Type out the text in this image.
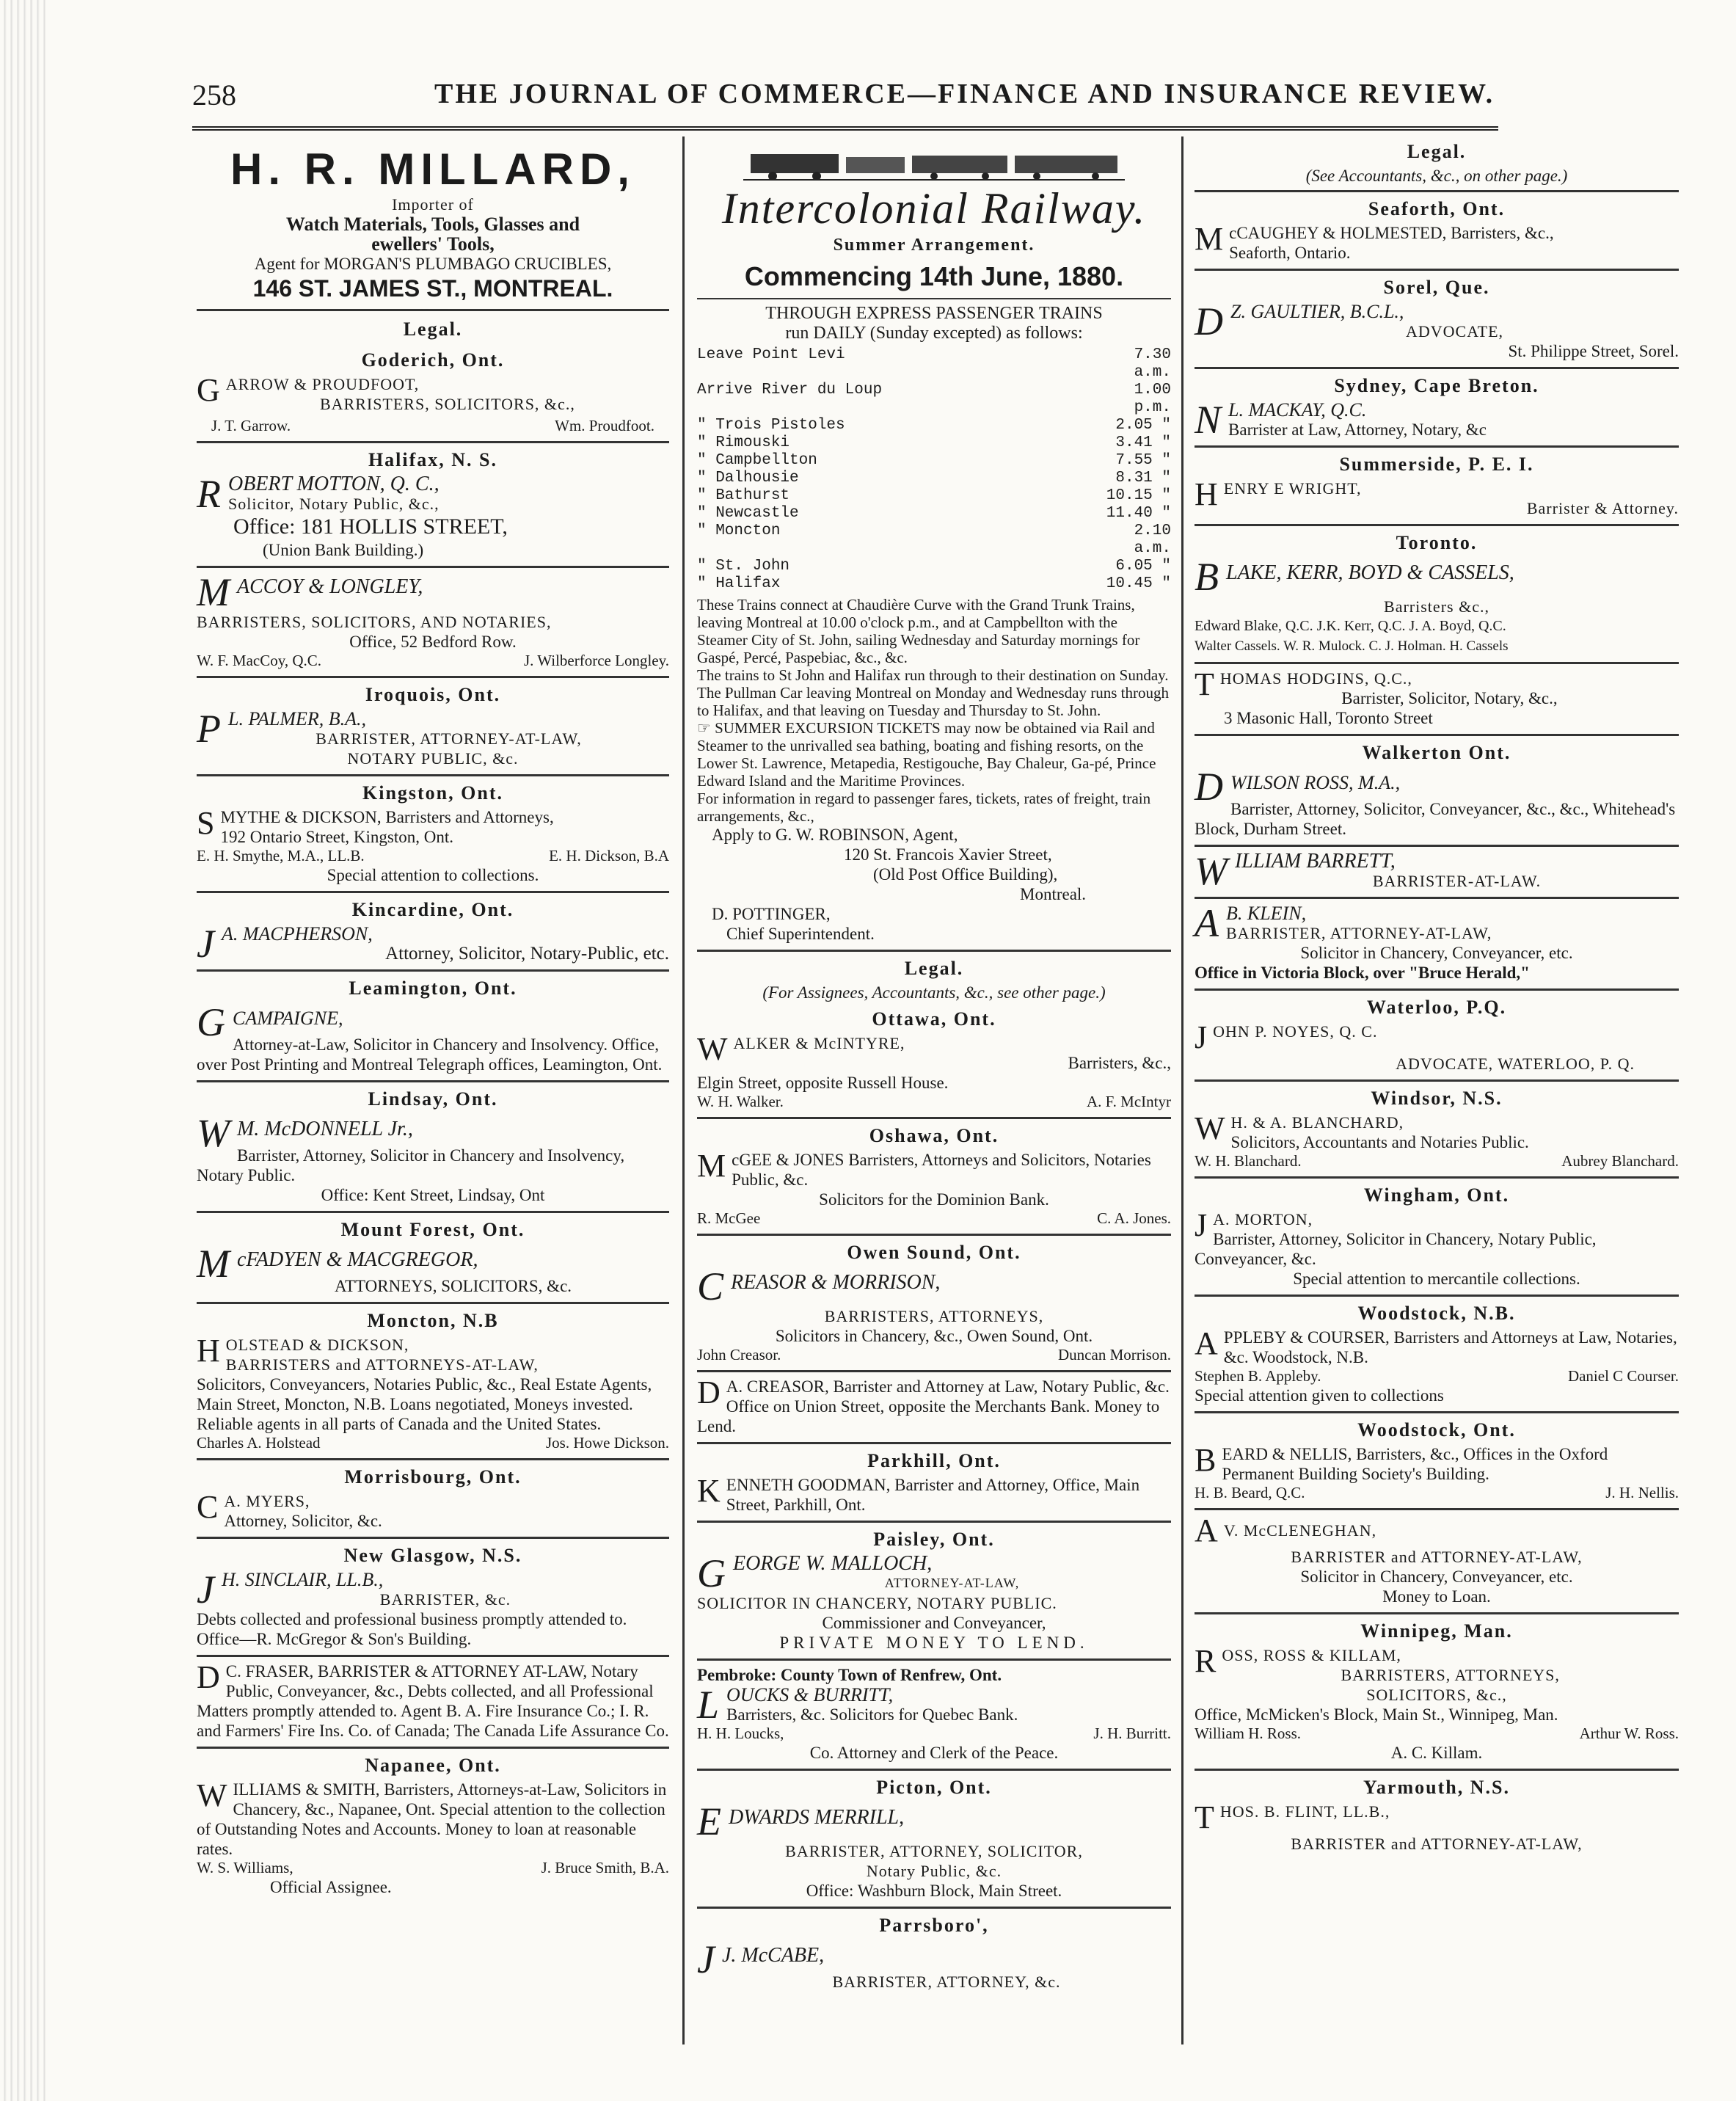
258	THE JOURNAL OF COMMERCE—FINANCE AND INSURANCE REVIEW.
H. R. MILLARD,
Importer of
Watch Materials, Tools, Glasses and
ewellers' Tools,
Agent for MORGAN'S PLUMBAGO CRUCIBLES,
146 ST. JAMES ST., MONTREAL.
Legal.
Goderich, Ont.
G ARROW & PROUDFOOT,
BARRISTERS, SOLICITORS, &c.,
J. T. Garrow.	Wm. Proudfoot.
Halifax, N. S.
R OBERT MOTTON, Q. C.,
Solicitor, Notary Public, &c.,
Office: 181 HOLLIS STREET,
(Union Bank Building.)
M ACCOY & LONGLEY,
BARRISTERS, SOLICITORS, AND NOTARIES,
Office, 52 Bedford Row.
W. F. MacCoy, Q.C.	J. Wilberforce Longley.
Iroquois, Ont.
P L. PALMER, B.A.,
BARRISTER, ATTORNEY-AT-LAW,
NOTARY PUBLIC, &c.
Kingston, Ont.
S MYTHE & DICKSON, Barristers and Attorneys,
192 Ontario Street, Kingston, Ont.
E. H. Smythe, M.A., LL.B.	E. H. Dickson, B.A
Special attention to collections.
Kincardine, Ont.
J A. MACPHERSON,
Attorney, Solicitor, Notary-Public, etc.
Leamington, Ont.
G CAMPAIGNE,
Attorney-at-Law, Solicitor in Chancery and Insolvency. Office, over Post Printing and Montreal Telegraph offices, Leamington, Ont.
Lindsay, Ont.
W M. McDONNELL Jr.,
Barrister, Attorney, Solicitor in Chancery and Insolvency, Notary Public.
Office: Kent Street, Lindsay, Ont
Mount Forest, Ont.
M cFADYEN & MACGREGOR,
ATTORNEYS, SOLICITORS, &c.
Moncton, N.B
H OLSTEAD & DICKSON,
BARRISTERS and ATTORNEYS-AT-LAW,
Solicitors, Conveyancers, Notaries Public, &c., Real Estate Agents, Main Street, Moncton, N.B. Loans negotiated, Moneys invested. Reliable agents in all parts of Canada and the United States.
Charles A. Holstead	Jos. Howe Dickson.
Morrisbourg, Ont.
C A. MYERS,
Attorney, Solicitor, &c.
New Glasgow, N.S.
J H. SINCLAIR, LL.B.,
BARRISTER, &c.
Debts collected and professional business promptly attended to. Office—R. McGregor & Son's Building.
D C. FRASER, BARRISTER & ATTORNEY AT-LAW, Notary Public, Conveyancer, &c., Debts collected, and all Professional Matters promptly attended to. Agent B. A. Fire Insurance Co.; I. R. and Farmers' Fire Ins. Co. of Canada; The Canada Life Assurance Co.
Napanee, Ont.
W ILLIAMS & SMITH, Barristers, Attorneys-at-Law, Solicitors in Chancery, &c., Napanee, Ont. Special attention to the collection of Outstanding Notes and Accounts. Money to loan at reasonable rates.
W. S. Williams,	J. Bruce Smith, B.A.
Official Assignee.
Intercolonial Railway.
Summer Arrangement.
Commencing 14th June, 1880.
THROUGH EXPRESS PASSENGER TRAINS
run DAILY (Sunday excepted) as follows:
Leave Point Levi	7.30 a.m.
Arrive River du Loup	1.00 p.m.
" Trois Pistoles	2.05 "
" Rimouski	3.41 "
" Campbellton	7.55 "
" Dalhousie	8.31 "
" Bathurst	10.15 "
" Newcastle	11.40 "
" Moncton	2.10 a.m.
" St. John	6.05 "
" Halifax	10.45 "
These Trains connect at Chaudière Curve with the Grand Trunk Trains, leaving Montreal at 10.00 o'clock p.m., and at Campbellton with the Steamer City of St. John, sailing Wednesday and Saturday mornings for Gaspé, Percé, Paspebiac, &c., &c.
The trains to St John and Halifax run through to their destination on Sunday.
The Pullman Car leaving Montreal on Monday and Wednesday runs through to Halifax, and that leaving on Tuesday and Thursday to St. John.
☞ SUMMER EXCURSION TICKETS may now be obtained via Rail and Steamer to the unrivalled sea bathing, boating and fishing resorts, on the Lower St. Lawrence, Metapedia, Restigouche, Bay Chaleur, Ga-pé, Prince Edward Island and the Maritime Provinces.
For information in regard to passenger fares, tickets, rates of freight, train arrangements, &c.,
Apply to G. W. ROBINSON, Agent,
120 St. Francois Xavier Street,
(Old Post Office Building),
Montreal.
D. POTTINGER,
Chief Superintendent.
Legal.
(For Assignees, Accountants, &c., see other page.)
Ottawa, Ont.
W ALKER & McINTYRE,
Barristers, &c.,
Elgin Street, opposite Russell House.
W. H. Walker.	A. F. McIntyr
Oshawa, Ont.
M cGEE & JONES Barristers, Attorneys and Solicitors, Notaries Public, &c.
Solicitors for the Dominion Bank.
R. McGee	C. A. Jones.
Owen Sound, Ont.
C REASOR & MORRISON,
BARRISTERS, ATTORNEYS,
Solicitors in Chancery, &c., Owen Sound, Ont.
John Creasor.	Duncan Morrison.
D A. CREASOR, Barrister and Attorney at Law, Notary Public, &c. Office on Union Street, opposite the Merchants Bank. Money to Lend.
Parkhill, Ont.
K ENNETH GOODMAN, Barrister and Attorney, Office, Main Street, Parkhill, Ont.
Paisley, Ont.
G EORGE W. MALLOCH,
ATTORNEY-AT-LAW,
SOLICITOR IN CHANCERY, NOTARY PUBLIC.
Commissioner and Conveyancer,
PRIVATE MONEY TO LEND.
Pembroke: County Town of Renfrew, Ont.
L OUCKS & BURRITT,
Barristers, &c. Solicitors for Quebec Bank.
H. H. Loucks,	J. H. Burritt.
Co. Attorney and Clerk of the Peace.
Picton, Ont.
E DWARDS MERRILL,
BARRISTER, ATTORNEY, SOLICITOR,
Notary Public, &c.
Office: Washburn Block, Main Street.
Parrsboro',
J J. McCABE,
BARRISTER, ATTORNEY, &c.
Legal.
(See Accountants, &c., on other page.)
Seaforth, Ont.
M cCAUGHEY & HOLMESTED, Barristers, &c.,
Seaforth, Ontario.
Sorel, Que.
D Z. GAULTIER, B.C.L.,
ADVOCATE,
St. Philippe Street, Sorel.
Sydney, Cape Breton.
N L. MACKAY, Q.C.
Barrister at Law, Attorney, Notary, &c
Summerside, P. E. I.
H ENRY E WRIGHT,
Barrister & Attorney.
Toronto.
B LAKE, KERR, BOYD & CASSELS,
Barristers &c.,
Edward Blake, Q.C. J.K. Kerr, Q.C. J. A. Boyd, Q.C.
Walter Cassels. W. R. Mulock. C. J. Holman. H. Cassels
T HOMAS HODGINS, Q.C.,
Barrister, Solicitor, Notary, &c.,
3 Masonic Hall, Toronto Street
Walkerton Ont.
D WILSON ROSS, M.A.,
Barrister, Attorney, Solicitor, Conveyancer, &c., &c., Whitehead's Block, Durham Street.
W ILLIAM BARRETT,
BARRISTER-AT-LAW.
A B. KLEIN,
BARRISTER, ATTORNEY-AT-LAW,
Solicitor in Chancery, Conveyancer, etc.
Office in Victoria Block, over "Bruce Herald,"
Waterloo, P.Q.
J OHN P. NOYES, Q. C.
ADVOCATE, WATERLOO, P. Q.
Windsor, N.S.
W H. & A. BLANCHARD,
Solicitors, Accountants and Notaries Public.
W. H. Blanchard.	Aubrey Blanchard.
Wingham, Ont.
J A. MORTON,
Barrister, Attorney, Solicitor in Chancery, Notary Public, Conveyancer, &c.
Special attention to mercantile collections.
Woodstock, N.B.
A PPLEBY & COURSER, Barristers and Attorneys at Law, Notaries, &c. Woodstock, N.B.
Stephen B. Appleby.	Daniel C Courser.
Special attention given to collections
Woodstock, Ont.
B EARD & NELLIS, Barristers, &c., Offices in the Oxford Permanent Building Society's Building.
H. B. Beard, Q.C.	J. H. Nellis.
A V. McCLENEGHAN,
BARRISTER and ATTORNEY-AT-LAW,
Solicitor in Chancery, Conveyancer, etc.
Money to Loan.
Winnipeg, Man.
R OSS, ROSS & KILLAM,
BARRISTERS, ATTORNEYS,
SOLICITORS, &c.,
Office, McMicken's Block, Main St., Winnipeg, Man.
William H. Ross.	Arthur W. Ross.
A. C. Killam.
Yarmouth, N.S.
T HOS. B. FLINT, LL.B.,
BARRISTER and ATTORNEY-AT-LAW,
